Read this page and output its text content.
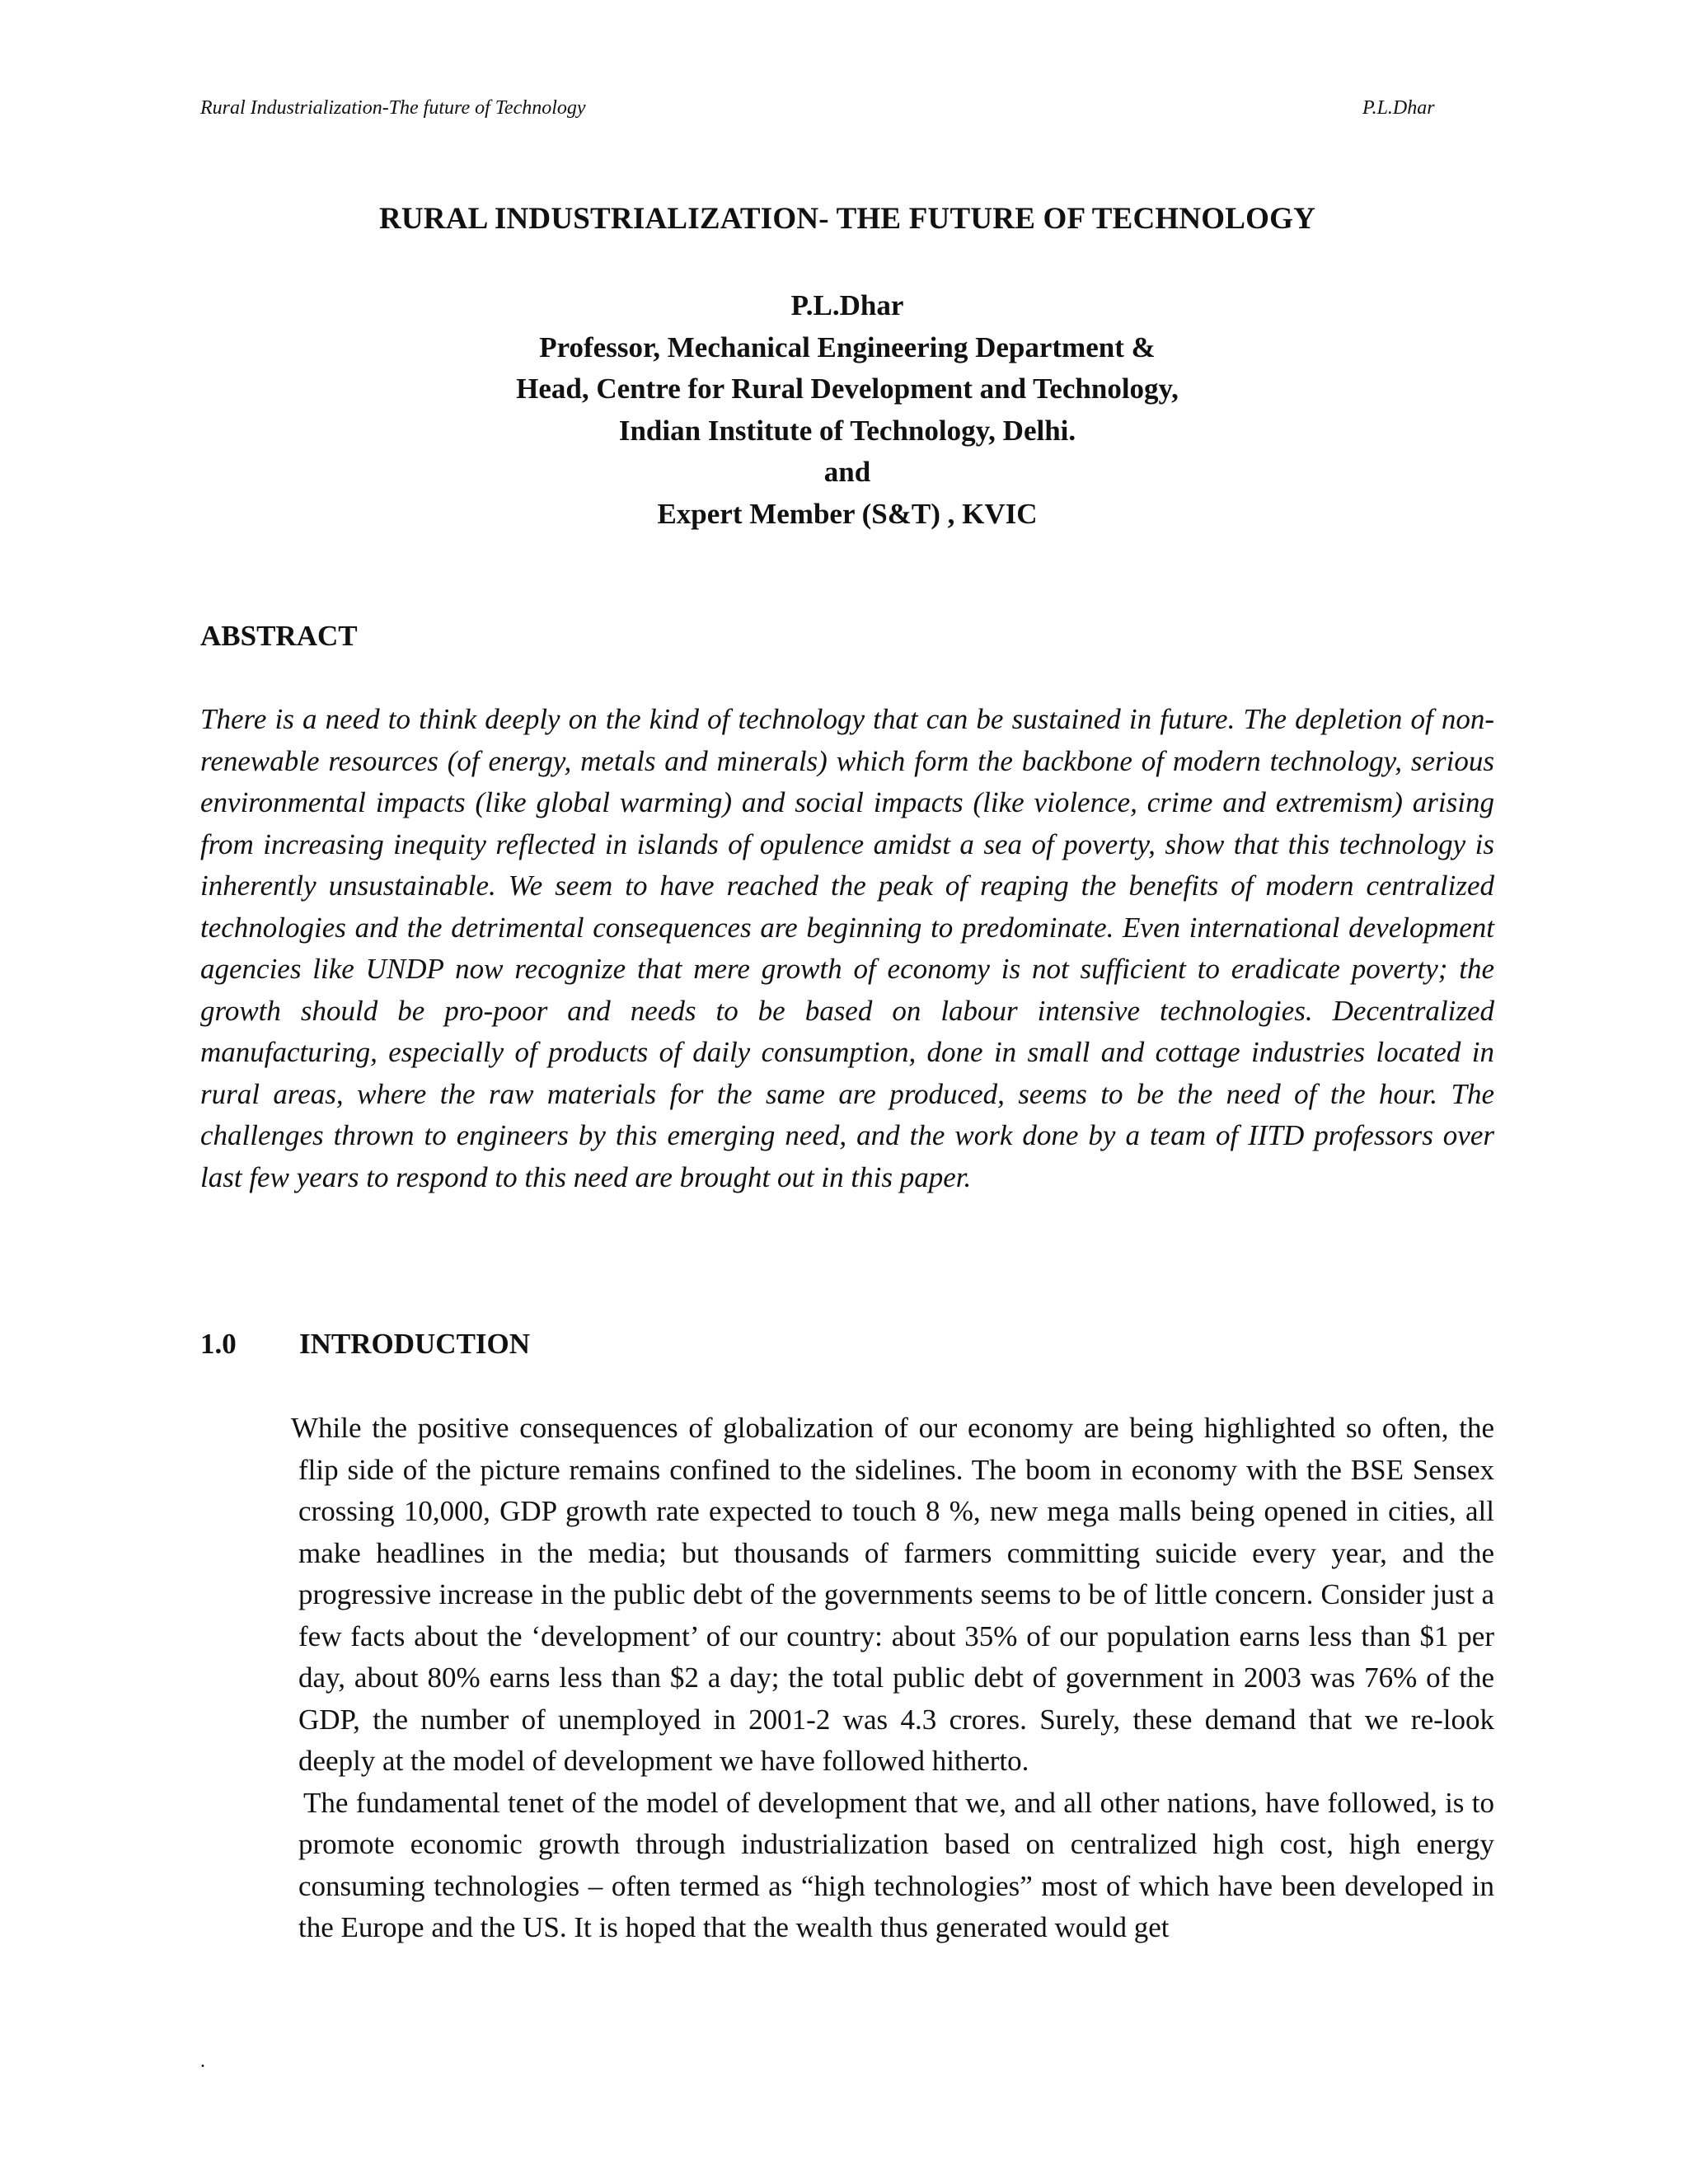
Rural Industrialization-The future of Technology	P.L.Dhar
RURAL INDUSTRIALIZATION- THE FUTURE OF TECHNOLOGY
P.L.Dhar
Professor, Mechanical Engineering Department &
Head, Centre for Rural Development and Technology,
Indian Institute of Technology, Delhi.
and
Expert Member (S&T) , KVIC
ABSTRACT
There is a need to think deeply on the kind of technology that can be sustained in future. The depletion of non-renewable resources (of energy, metals and minerals) which form the backbone of modern technology, serious environmental impacts (like global warming) and social impacts (like violence, crime and extremism) arising from increasing inequity reflected in islands of opulence amidst a sea of poverty, show that this technology is inherently unsustainable. We seem to have reached the peak of reaping the benefits of modern centralized technologies and the detrimental consequences are beginning to predominate. Even international development agencies like UNDP now recognize that mere growth of economy is not sufficient to eradicate poverty; the growth should be pro-poor and needs to be based on labour intensive technologies. Decentralized manufacturing, especially of products of daily consumption, done in small and cottage industries located in rural areas, where the raw materials for the same are produced, seems to be the need of the hour. The challenges thrown to engineers by this emerging need, and the work done by a team of IITD professors over last few years to respond to this need are brought out in this paper.
1.0 INTRODUCTION

While the positive consequences of globalization of our economy are being highlighted so often, the flip side of the picture remains confined to the sidelines. The boom in economy with the BSE Sensex crossing 10,000, GDP growth rate expected to touch 8 %, new mega malls being opened in cities, all make headlines in the media; but thousands of farmers committing suicide every year, and the progressive increase in the public debt of the governments seems to be of little concern. Consider just a few facts about the ‘development’ of our country: about 35% of our population earns less than $1 per day, about 80% earns less than $2 a day; the total public debt of government in 2003 was 76% of the GDP, the number of unemployed in 2001-2 was 4.3 crores. Surely, these demand that we re-look deeply at the model of development we have followed hitherto.

The fundamental tenet of the model of development that we, and all other nations, have followed, is to promote economic growth through industrialization based on centralized high cost, high energy consuming technologies – often termed as “high technologies” most of which have been developed in the Europe and the US. It is hoped that the wealth thus generated would get

.
